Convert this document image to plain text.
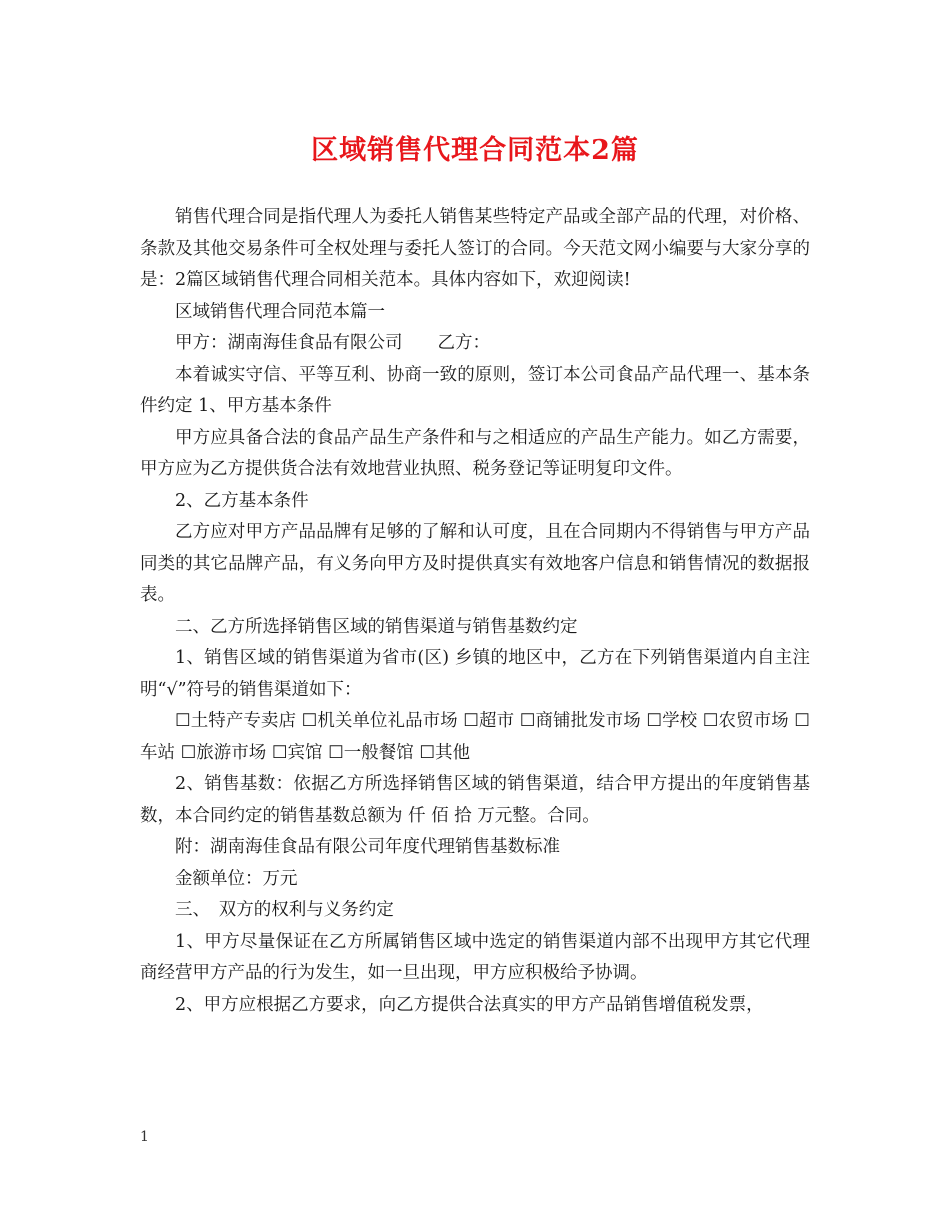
区域销售代理合同范本2篇

销售代理合同是指代理人为委托人销售某些特定产品或全部产品的代理，对价格、条款及其他交易条件可全权处理与委托人签订的合同。今天范文网小编要与大家分享的是：2篇区域销售代理合同相关范本。具体内容如下，欢迎阅读!

区域销售代理合同范本篇一

甲方：湖南海佳食品有限公司　　乙方：

本着诚实守信、平等互利、协商一致的原则，签订本公司食品产品代理一、基本条件约定 1、甲方基本条件

甲方应具备合法的食品产品生产条件和与之相适应的产品生产能力。如乙方需要，甲方应为乙方提供货合法有效地营业执照、税务登记等证明复印文件。

2、乙方基本条件

乙方应对甲方产品品牌有足够的了解和认可度，且在合同期内不得销售与甲方产品同类的其它品牌产品，有义务向甲方及时提供真实有效地客户信息和销售情况的数据报表。

二、乙方所选择销售区域的销售渠道与销售基数约定

1、销售区域的销售渠道为省市(区) 乡镇的地区中，乙方在下列销售渠道内自主注明“√”符号的销售渠道如下：

☐土特产专卖店 ☐机关单位礼品市场 ☐超市 ☐商铺批发市场 ☐学校 ☐农贸市场 ☐车站 ☐旅游市场 ☐宾馆 ☐一般餐馆 ☐其他

2、销售基数：依据乙方所选择销售区域的销售渠道，结合甲方提出的年度销售基数，本合同约定的销售基数总额为 仟 佰 拾 万元整。合同。

附：湖南海佳食品有限公司年度代理销售基数标准

金额单位：万元

三、　双方的权利与义务约定

1、甲方尽量保证在乙方所属销售区域中选定的销售渠道内部不出现甲方其它代理商经营甲方产品的行为发生，如一旦出现，甲方应积极给予协调。

2、甲方应根据乙方要求，向乙方提供合法真实的甲方产品销售增值税发票，

1
